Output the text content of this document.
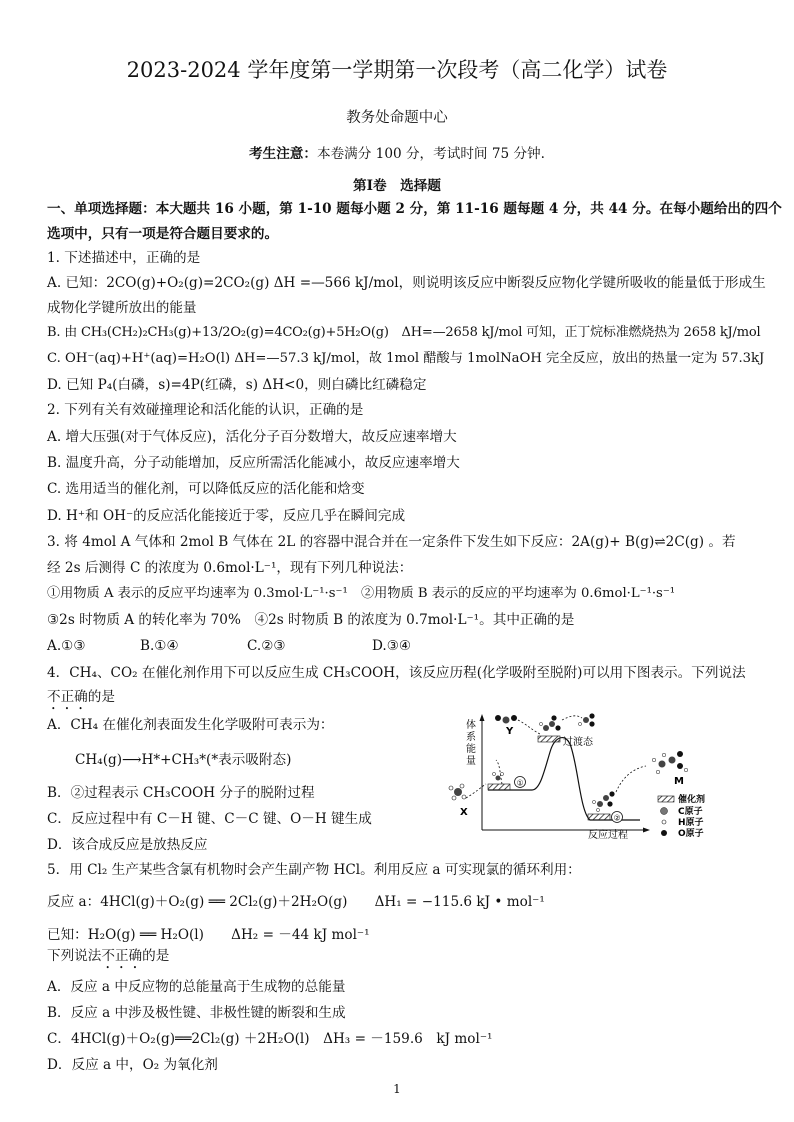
2023-2024 学年度第一学期第一次段考（高二化学）试卷
教务处命题中心
考生注意：本卷满分 100 分，考试时间 75 分钟.
第Ⅰ卷　选择题
一、单项选择题：本大题共 16 小题，第 1-10 题每小题 2 分，第 11-16 题每题 4 分，共 44 分。在每小题给出的四个
选项中，只有一项是符合题目要求的。
1. 下述描述中，正确的是
A. 已知：2CO(g)+O₂(g)=2CO₂(g) ΔH =—566 kJ/mol，则说明该反应中断裂反应物化学键所吸收的能量低于形成生
成物化学键所放出的能量
B. 由 CH₃(CH₂)₂CH₃(g)+13/2O₂(g)=4CO₂(g)+5H₂O(g)　ΔH=—2658 kJ/mol 可知，正丁烷标准燃烧热为 2658 kJ/mol
C. OH⁻(aq)+H⁺(aq)=H₂O(l) ΔH=—57.3 kJ/mol，故 1mol 醋酸与 1molNaOH 完全反应，放出的热量一定为 57.3kJ
D. 已知 P₄(白磷，s)=4P(红磷，s) ΔH<0，则白磷比红磷稳定
2. 下列有关有效碰撞理论和活化能的认识，正确的是
A. 增大压强(对于气体反应)，活化分子百分数增大，故反应速率增大
B. 温度升高，分子动能增加，反应所需活化能减小，故反应速率增大
C. 选用适当的催化剂，可以降低反应的活化能和焓变
D. H⁺和 OH⁻的反应活化能接近于零，反应几乎在瞬间完成
3. 将 4mol A 气体和 2mol B 气体在 2L 的容器中混合并在一定条件下发生如下反应：2A(g)+ B(g)⇌2C(g) 。若
经 2s 后测得 C 的浓度为 0.6mol·L⁻¹，现有下列几种说法：
①用物质 A 表示的反应平均速率为 0.3mol·L⁻¹·s⁻¹　②用物质 B 表示的反应的平均速率为 0.6mol·L⁻¹·s⁻¹
③2s 时物质 A 的转化率为 70%　④2s 时物质 B 的浓度为 0.7mol·L⁻¹。其中正确的是
A.①③	B.①④	C.②③	D.③④
4．CH₄、CO₂ 在催化剂作用下可以反应生成 CH₃COOH，该反应历程(化学吸附至脱附)可以用下图表示。下列说法
不正确的是
A．CH₄ 在催化剂表面发生化学吸附可表示为：
CH₄(g)⟶H*+CH₃*(*表示吸附态)
B．②过程表示 CH₃COOH 分子的脱附过程
C．反应过程中有 C－H 键、C－C 键、O－H 键生成
D．该合成反应是放热反应
体
系
能
量
反应过程
过渡态
①
②
X
Y
M
催化剂
C原子
H原子
O原子
5．用 Cl₂ 生产某些含氯有机物时会产生副产物 HCl。利用反应 a 可实现氯的循环利用：
反应 a：4HCl(g)＋O₂(g) ══ 2Cl₂(g)＋2H₂O(g)　　ΔH₁ = −115.6 kJ • mol⁻¹
已知：H₂O(g) ══ H₂O(l)　　ΔH₂ = －44 kJ mol⁻¹
下列说法不正确的是
A．反应 a 中反应物的总能量高于生成物的总能量
B．反应 a 中涉及极性键、非极性键的断裂和生成
C．4HCl(g)＋O₂(g)══2Cl₂(g) ＋2H₂O(l)　ΔH₃ = －159.6　kJ mol⁻¹
D．反应 a 中，O₂ 为氧化剂
1
